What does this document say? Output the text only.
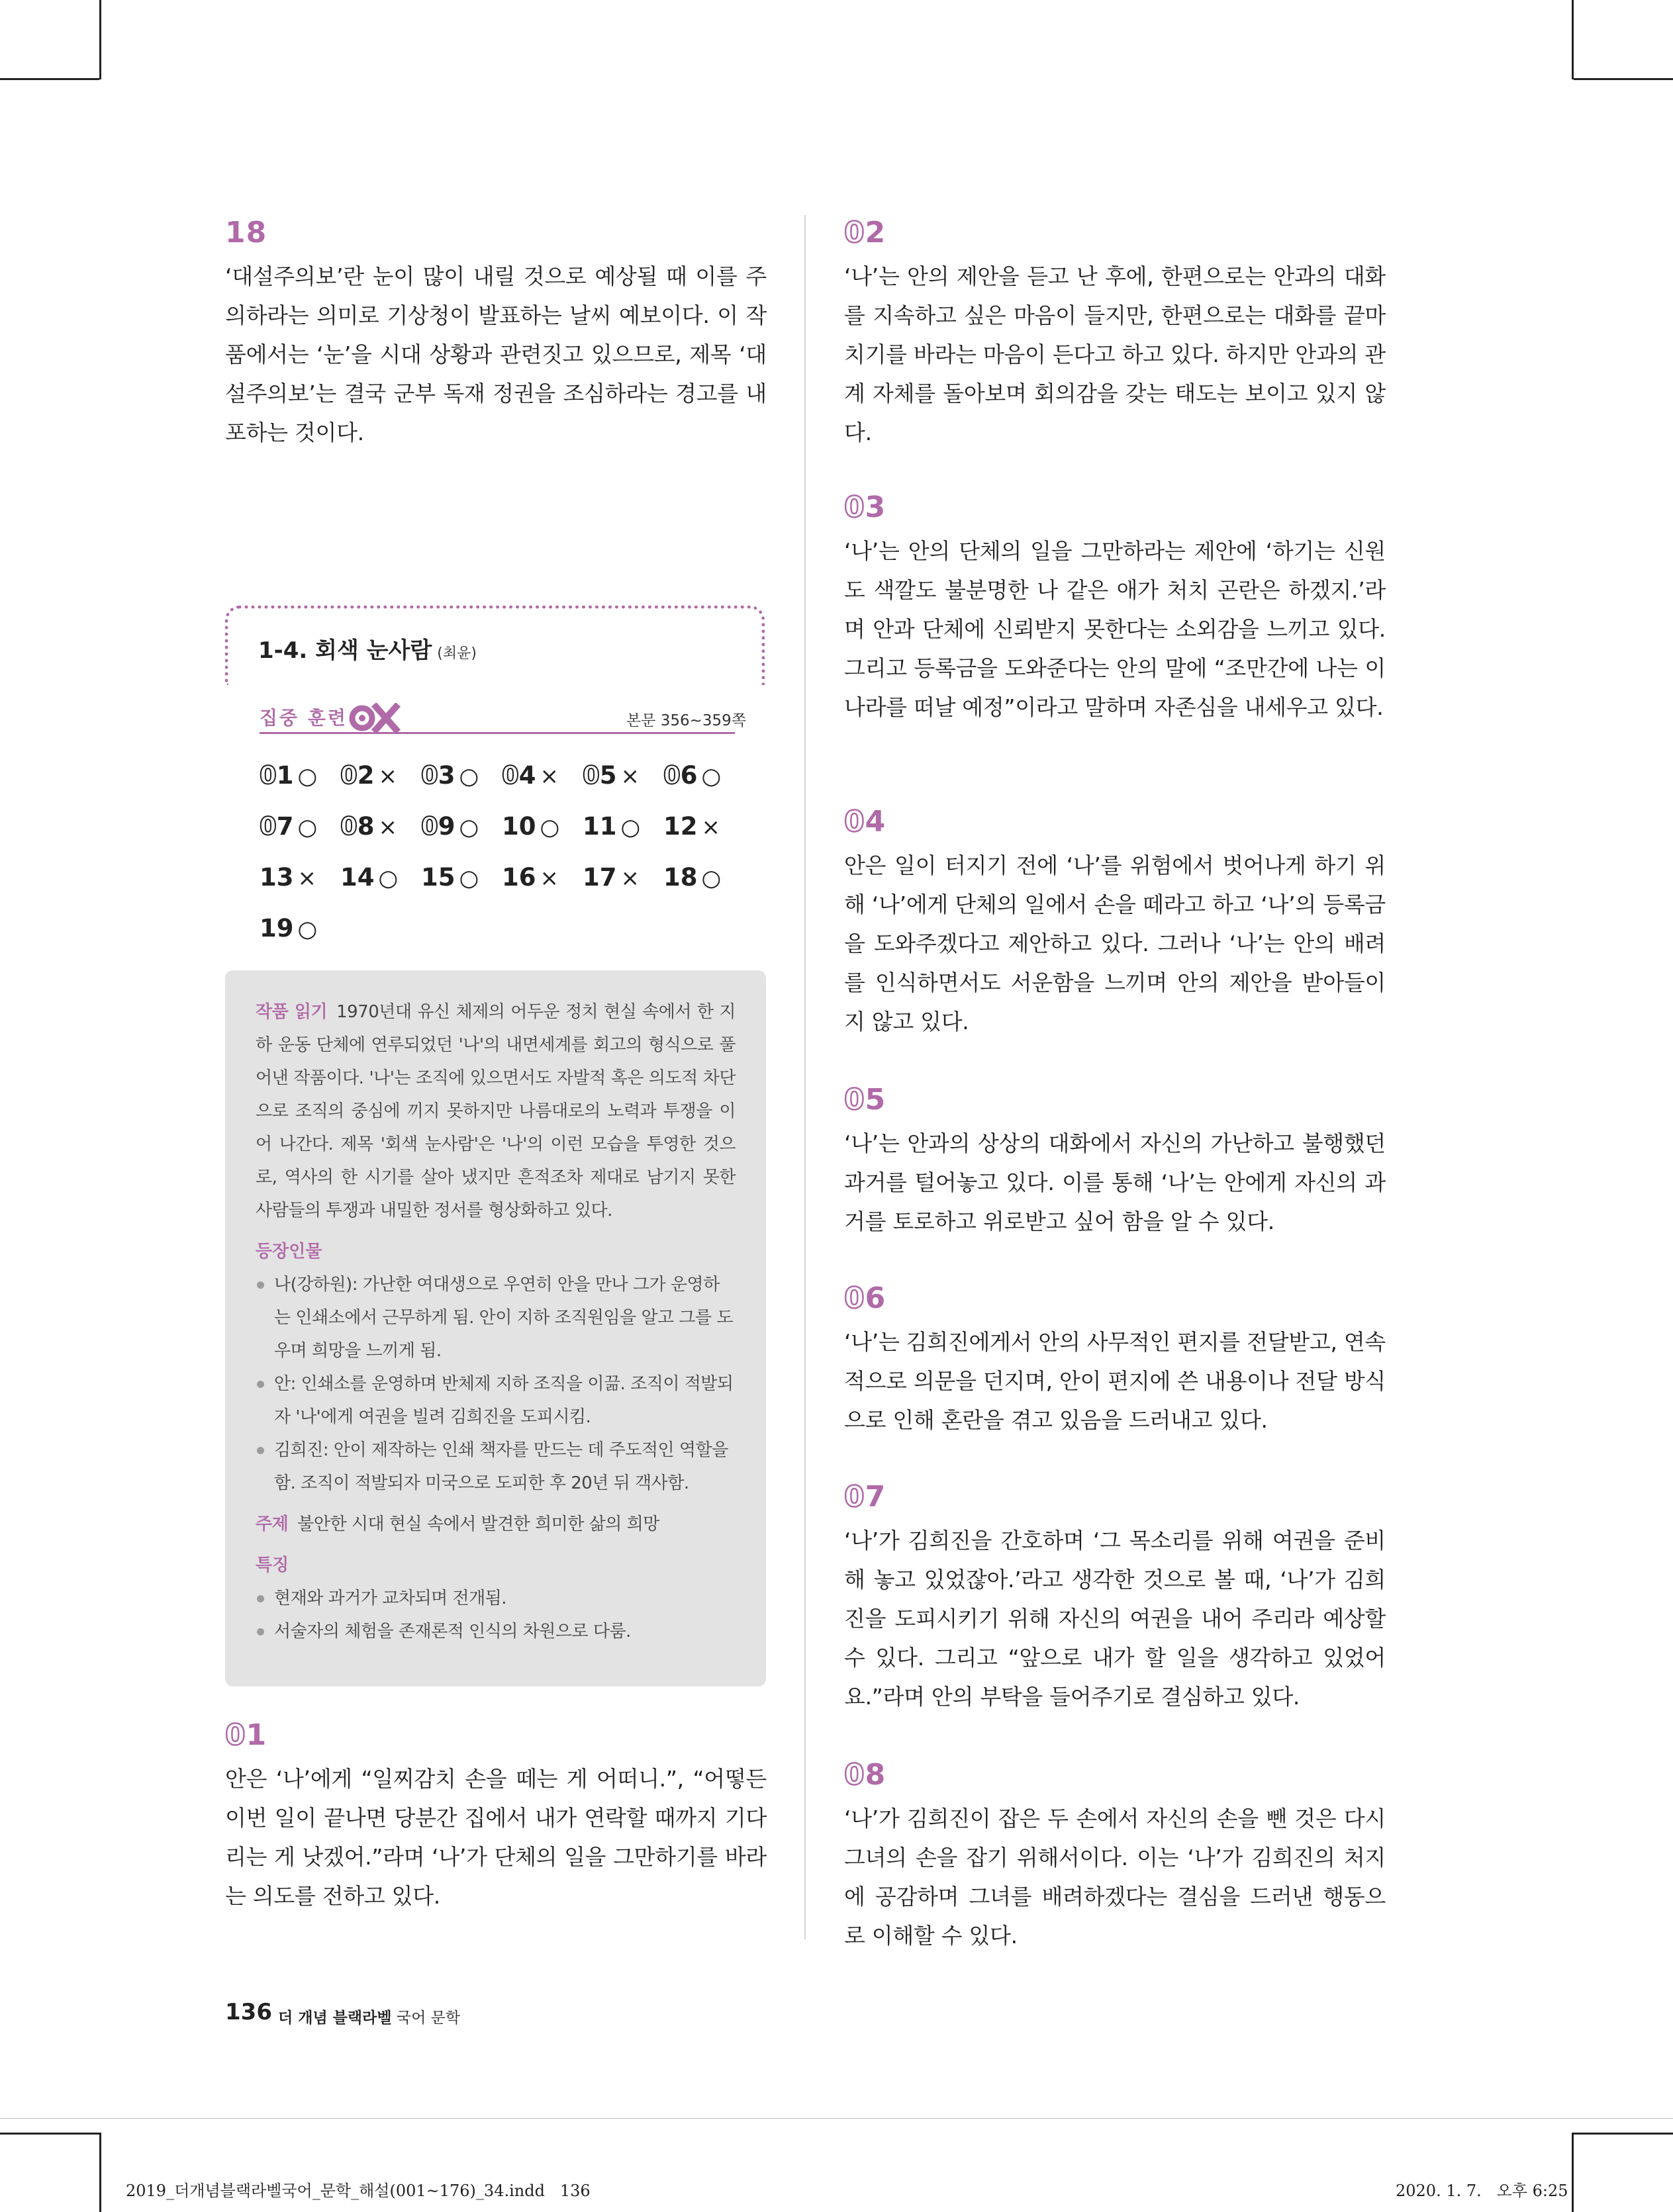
18
‘대설주의보’란 눈이 많이 내릴 것으로 예상될 때 이를 주의하라는 의미로 기상청이 발표하는 날씨 예보이다. 이 작품에서는 ‘눈’을 시대 상황과 관련짓고 있으므로, 제목 ‘대설주의보’는 결국 군부 독재 정권을 조심하라는 경고를 내포하는 것이다.
1-4. 회색 눈사람 (최윤)
집중 훈련
OX
본문 356~359쪽
01 ○ 02 × 03 ○ 04 × 05 × 06 ○
07 ○ 08 × 09 ○ 10 ○ 11 ○ 12 ×
13 × 14 ○ 15 ○ 16 × 17 × 18 ○
19 ○

작품 읽기 1970년대 유신 체제의 어두운 정치 현실 속에서 한 지하 운동 단체에 연루되었던 '나'의 내면세계를 회고의 형식으로 풀어낸 작품이다. '나'는 조직에 있으면서도 자발적 혹은 의도적 차단으로 조직의 중심에 끼지 못하지만 나름대로의 노력과 투쟁을 이어 나간다. 제목 '회색 눈사람'은 '나'의 이런 모습을 투영한 것으로, 역사의 한 시기를 살아 냈지만 흔적조차 제대로 남기지 못한 사람들의 투쟁과 내밀한 정서를 형상화하고 있다.

등장인물
나(강하원): 가난한 여대생으로 우연히 안을 만나 그가 운영하는 인쇄소에서 근무하게 됨. 안이 지하 조직원임을 알고 그를 도우며 희망을 느끼게 됨.
안: 인쇄소를 운영하며 반체제 지하 조직을 이끎. 조직이 적발되자 '나'에게 여권을 빌려 김희진을 도피시킴.
김희진: 안이 제작하는 인쇄 책자를 만드는 데 주도적인 역할을 함. 조직이 적발되자 미국으로 도피한 후 20년 뒤 객사함.
주제 불안한 시대 현실 속에서 발견한 희미한 삶의 희망
특징
현재와 과거가 교차되며 전개됨.
서술자의 체험을 존재론적 인식의 차원으로 다룸.
01
안은 ‘나’에게 “일찌감치 손을 떼는 게 어떠니.”, “어떻든 이번 일이 끝나면 당분간 집에서 내가 연락할 때까지 기다리는 게 낫겠어.”라며 ‘나’가 단체의 일을 그만하기를 바라는 의도를 전하고 있다.
02
‘나’는 안의 제안을 듣고 난 후에, 한편으로는 안과의 대화를 지속하고 싶은 마음이 들지만, 한편으로는 대화를 끝마치기를 바라는 마음이 든다고 하고 있다. 하지만 안과의 관계 자체를 돌아보며 회의감을 갖는 태도는 보이고 있지 않다.
03
‘나’는 안의 단체의 일을 그만하라는 제안에 ‘하기는 신원도 색깔도 불분명한 나 같은 애가 처치 곤란은 하겠지.’라며 안과 단체에 신뢰받지 못한다는 소외감을 느끼고 있다. 그리고 등록금을 도와준다는 안의 말에 “조만간에 나는 이 나라를 떠날 예정”이라고 말하며 자존심을 내세우고 있다.
04
안은 일이 터지기 전에 ‘나’를 위험에서 벗어나게 하기 위해 ‘나’에게 단체의 일에서 손을 떼라고 하고 ‘나’의 등록금을 도와주겠다고 제안하고 있다. 그러나 ‘나’는 안의 배려를 인식하면서도 서운함을 느끼며 안의 제안을 받아들이지 않고 있다.
05
‘나’는 안과의 상상의 대화에서 자신의 가난하고 불행했던 과거를 털어놓고 있다. 이를 통해 ‘나’는 안에게 자신의 과거를 토로하고 위로받고 싶어 함을 알 수 있다.
06
‘나’는 김희진에게서 안의 사무적인 편지를 전달받고, 연속적으로 의문을 던지며, 안이 편지에 쓴 내용이나 전달 방식으로 인해 혼란을 겪고 있음을 드러내고 있다.
07
‘나’가 김희진을 간호하며 ‘그 목소리를 위해 여권을 준비해 놓고 있었잖아.’라고 생각한 것으로 볼 때, ‘나’가 김희진을 도피시키기 위해 자신의 여권을 내어 주리라 예상할 수 있다. 그리고 “앞으로 내가 할 일을 생각하고 있었어요.”라며 안의 부탁을 들어주기로 결심하고 있다.
08
‘나’가 김희진이 잡은 두 손에서 자신의 손을 뺀 것은 다시 그녀의 손을 잡기 위해서이다. 이는 ‘나’가 김희진의 처지에 공감하며 그녀를 배려하겠다는 결심을 드러낸 행동으로 이해할 수 있다.
136 더 개념 블랙라벨 국어 문학
2019_더개념블랙라벨국어_문학_해설(001~176)_34.indd   136	2020. 1. 7.   오후 6:25
